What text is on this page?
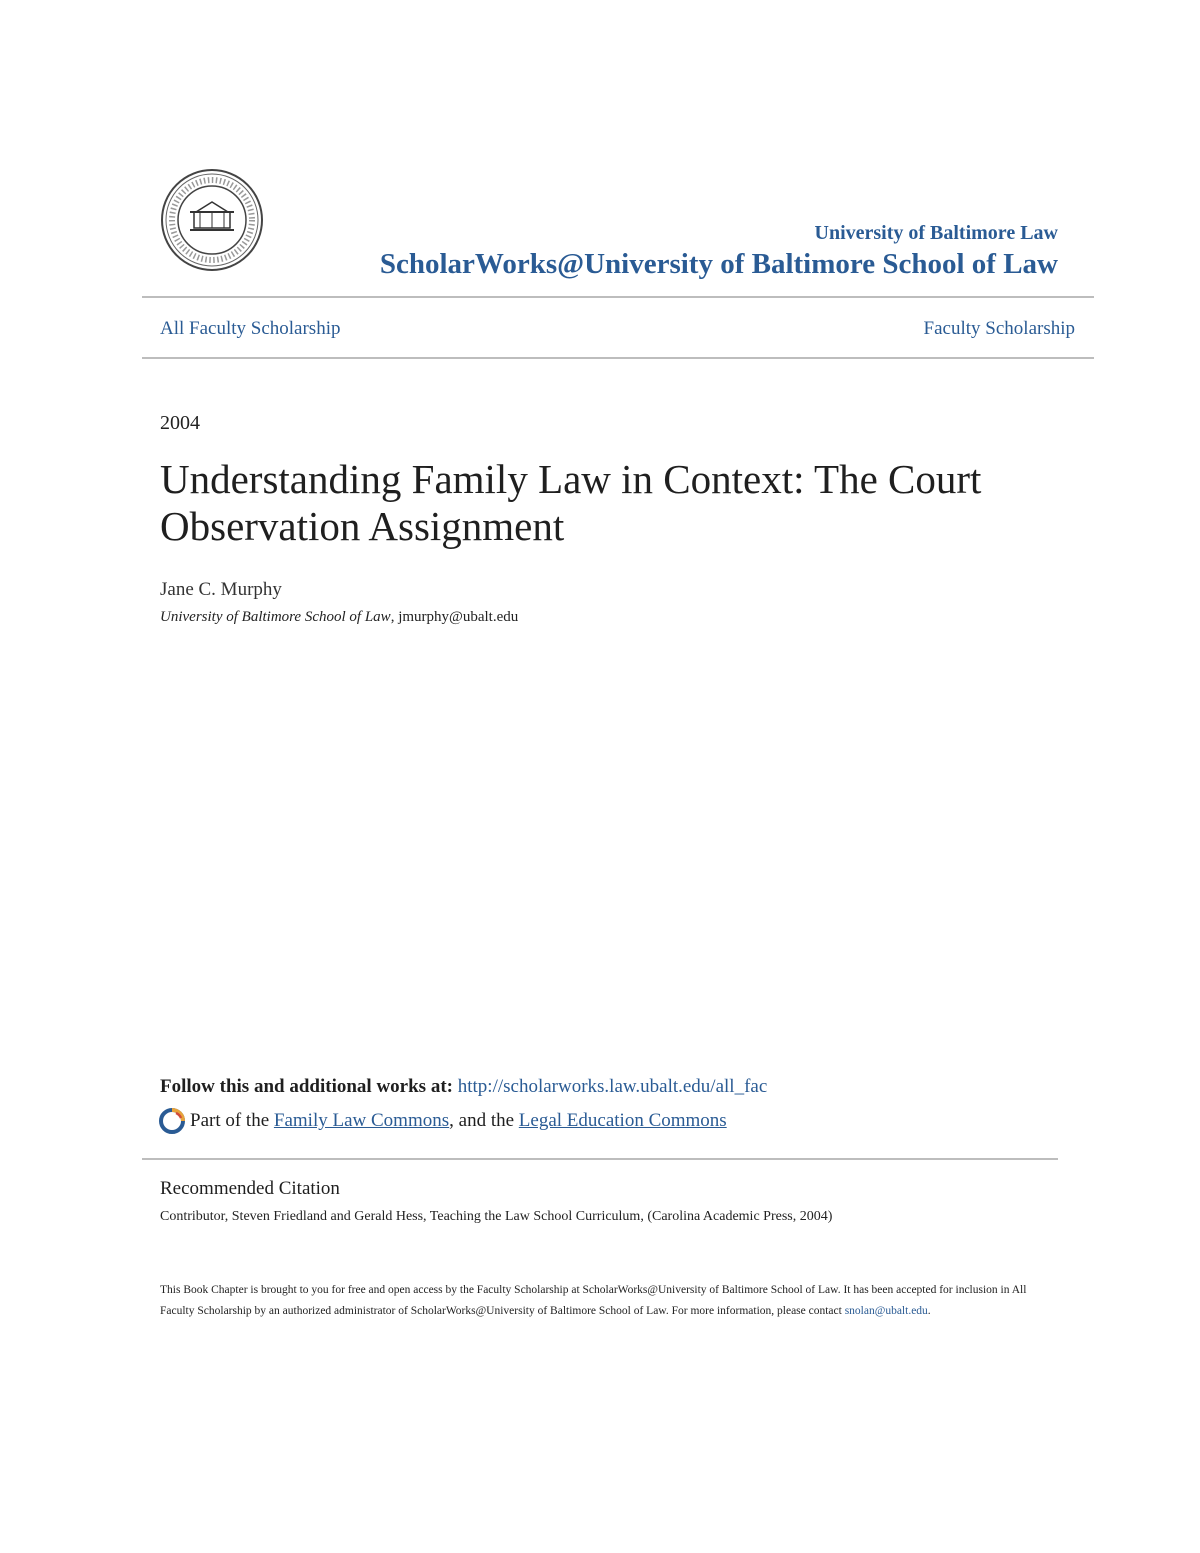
University of Baltimore Law
ScholarWorks@University of Baltimore School of Law
All Faculty Scholarship	Faculty Scholarship
2004
Understanding Family Law in Context: The Court Observation Assignment
Jane C. Murphy
University of Baltimore School of Law, jmurphy@ubalt.edu
Follow this and additional works at: http://scholarworks.law.ubalt.edu/all_fac
Part of the
Family Law Commons , and the
Legal Education Commons
Recommended Citation
Contributor, Steven Friedland and Gerald Hess, Teaching the Law School Curriculum, (Carolina Academic Press, 2004)
This Book Chapter is brought to you for free and open access by the Faculty Scholarship at ScholarWorks@University of Baltimore School of Law. It has been accepted for inclusion in All Faculty Scholarship by an authorized administrator of ScholarWorks@University of Baltimore School of Law. For more information, please contact snolan@ubalt.edu.
